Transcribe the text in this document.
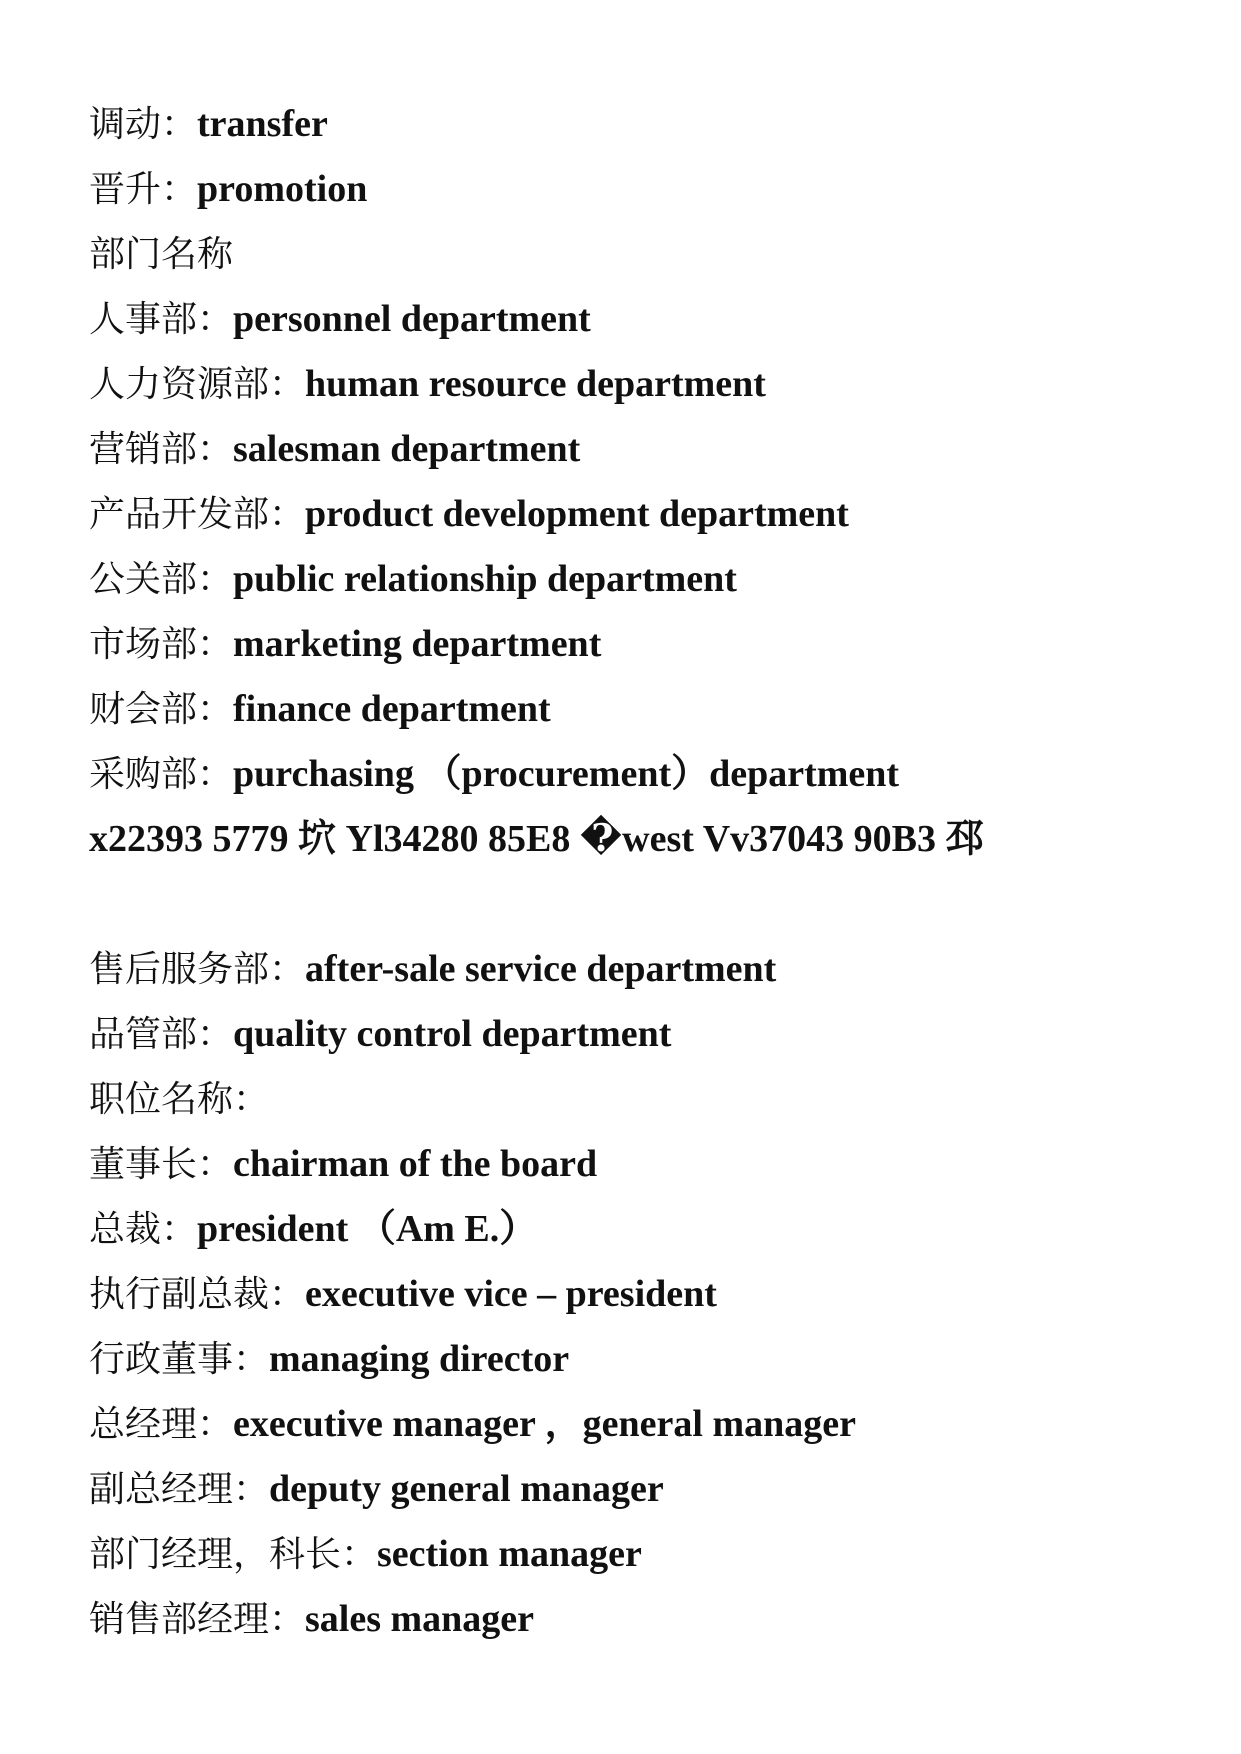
调动：transfer
晋升：promotion
部门名称
人事部：personnel department
人力资源部：human resource department
营销部：salesman department
产品开发部：product development department
公关部：public relationship department
市场部：marketing department
财会部：finance department
采购部：purchasing （procurement）department
x22393 5779 坹 Yl34280 85E8 �west Vv37043 90B3 邳
售后服务部：after-sale service department
品管部：quality control department
职位名称：
董事长：chairman of the board
总裁：president （Am E.）
执行副总裁：executive vice – president
行政董事：managing director
总经理：executive manager ，general manager
副总经理：deputy general manager
部门经理，科长：section manager
销售部经理：sales manager
